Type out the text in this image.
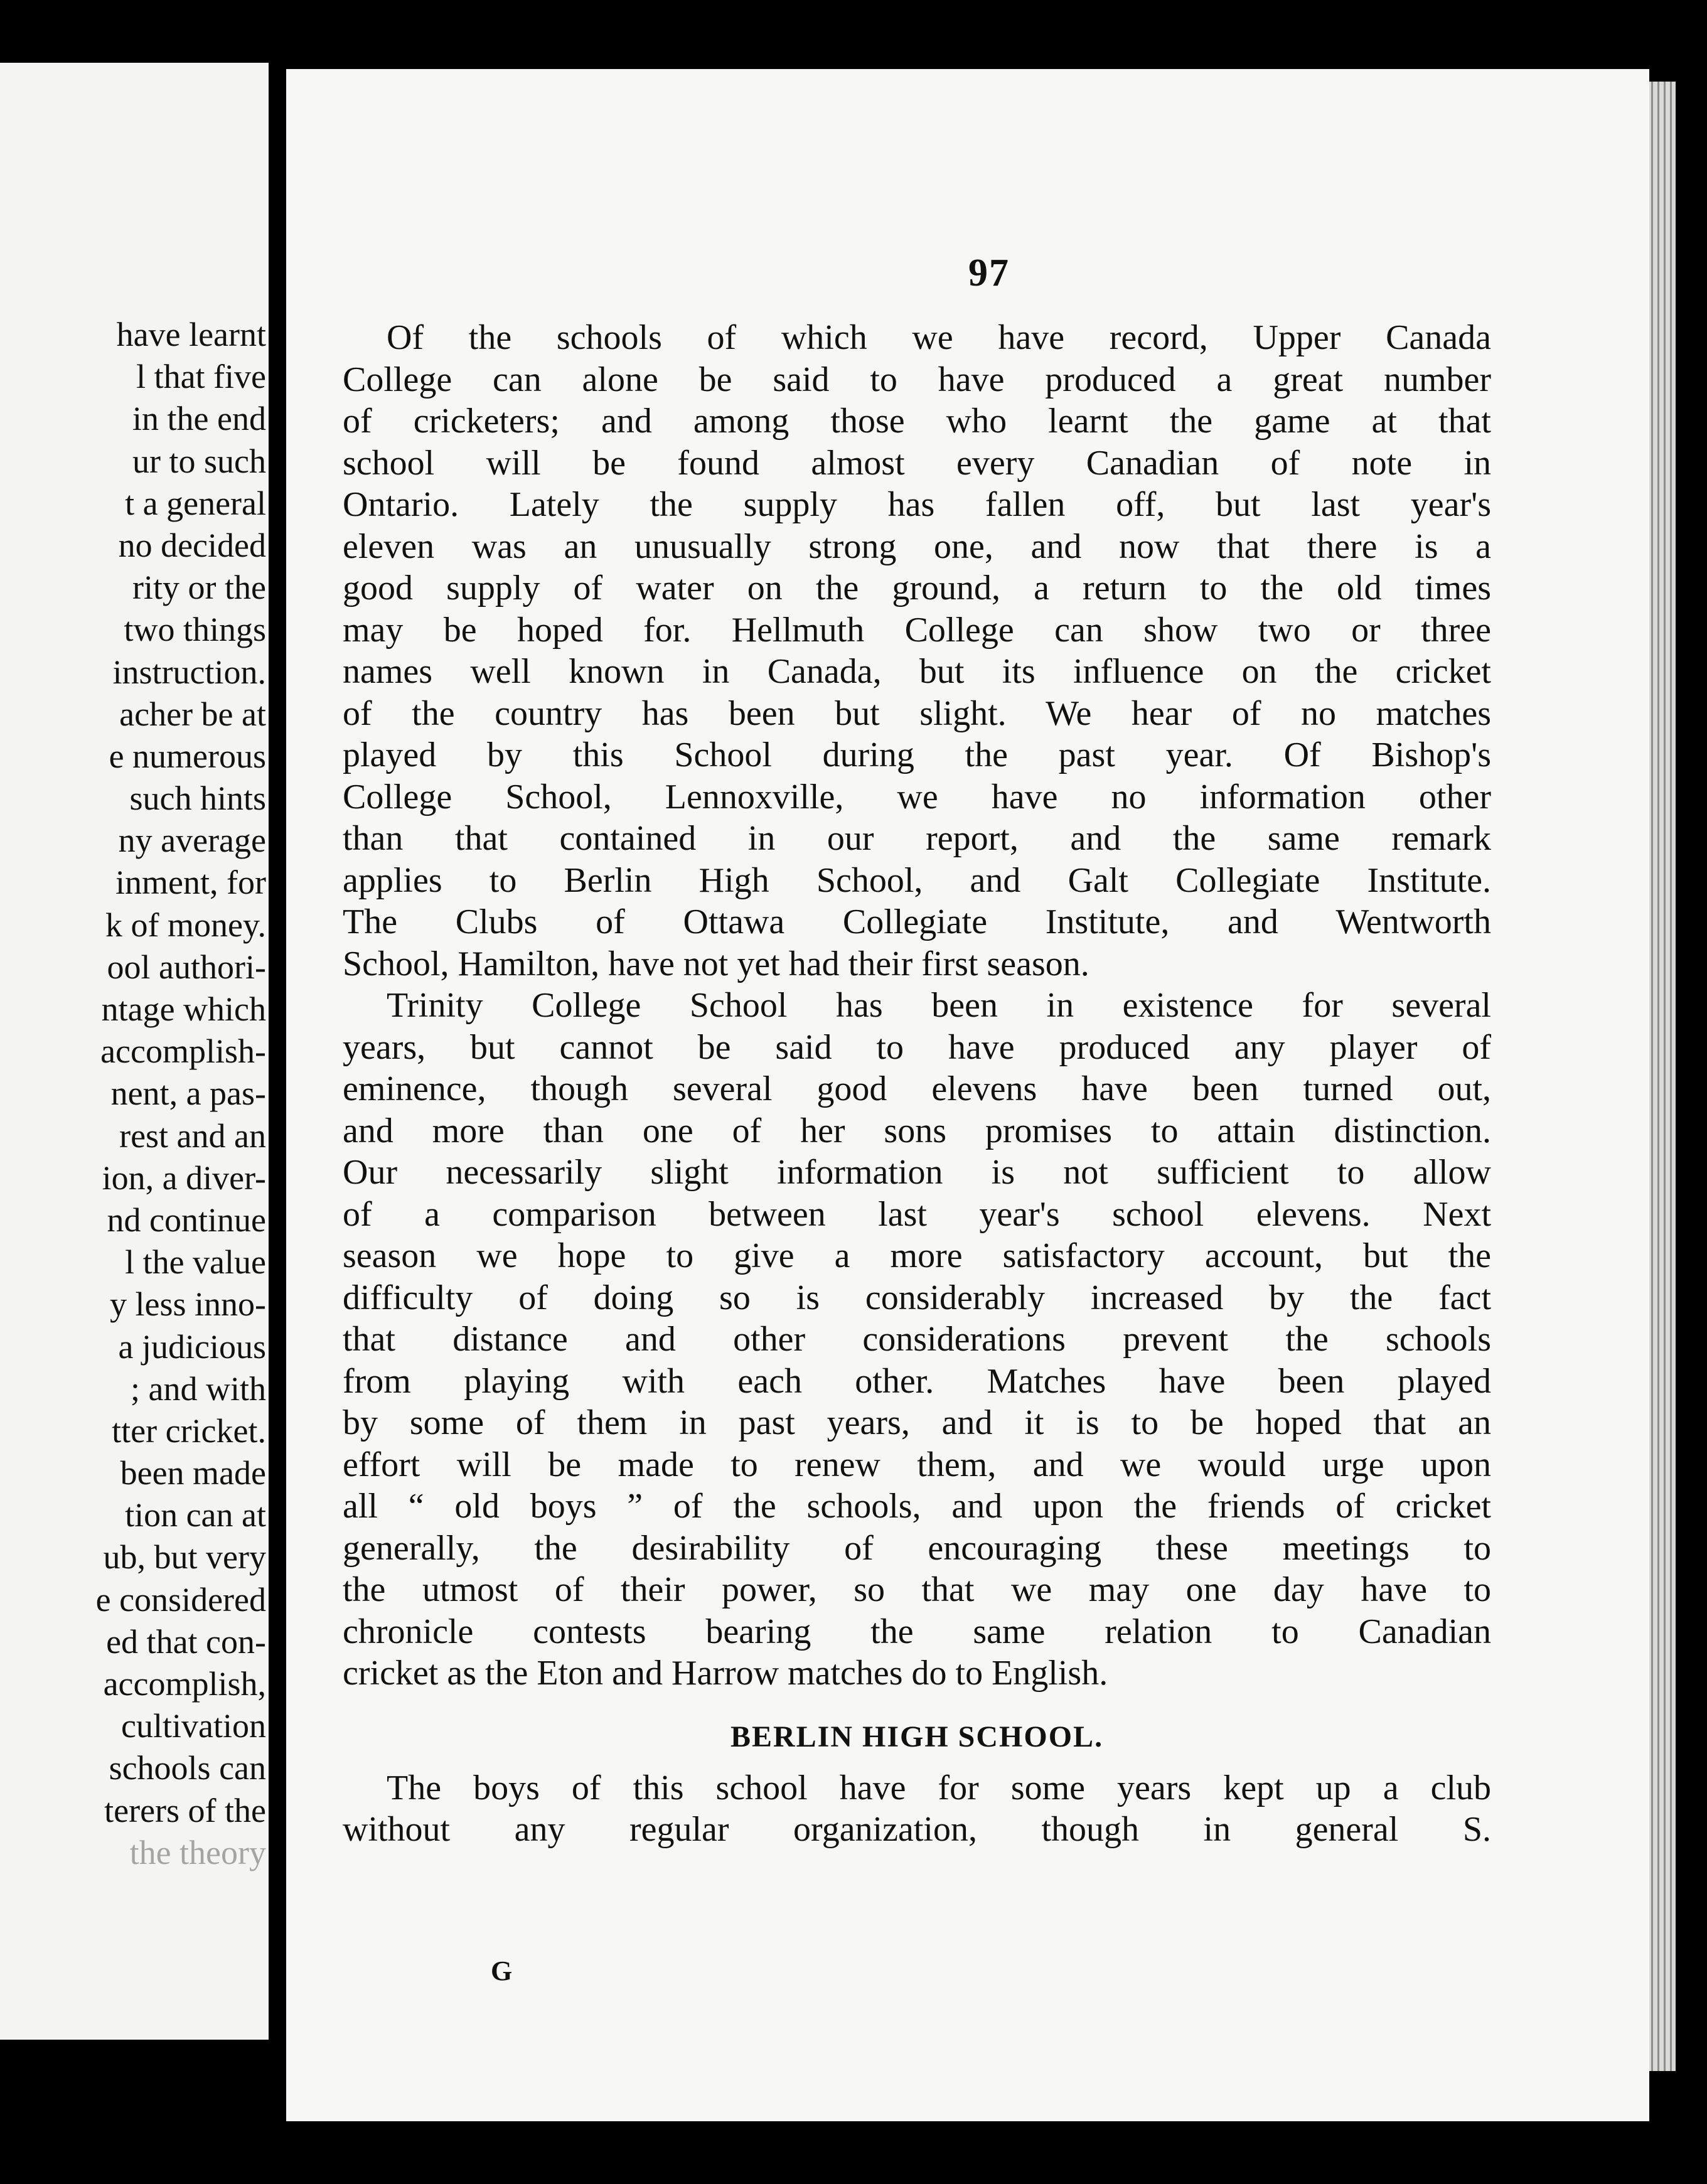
have learnt
l that five
in the end
ur to such
t a general
no decided
rity or the
two things
instruction.
acher be at
e numerous
such hints
ny average
inment, for
k of money.
ool authori-
ntage which
accomplish-
nent, a pas-
rest and an
ion, a diver-
nd continue
l the value
y less inno-
a judicious
; and with
tter cricket.
been made
tion can at
ub, but very
e considered
ed that con-
accomplish,
cultivation
schools can
terers of the
the theory
97
Of the schools of which we have record, Upper Canada
College can alone be said to have produced a great number
of cricketers; and among those who learnt the game at that
school will be found almost every Canadian of note in
Ontario. Lately the supply has fallen off, but last year's
eleven was an unusually strong one, and now that there is a
good supply of water on the ground, a return to the old times
may be hoped for. Hellmuth College can show two or three
names well known in Canada, but its influence on the cricket
of the country has been but slight. We hear of no matches
played by this School during the past year. Of Bishop's
College School, Lennoxville, we have no information other
than that contained in our report, and the same remark
applies to Berlin High School, and Galt Collegiate Institute.
The Clubs of Ottawa Collegiate Institute, and Wentworth
School, Hamilton, have not yet had their first season.
Trinity College School has been in existence for several
years, but cannot be said to have produced any player of
eminence, though several good elevens have been turned out,
and more than one of her sons promises to attain distinction.
Our necessarily slight information is not sufficient to allow
of a comparison between last year's school elevens. Next
season we hope to give a more satisfactory account, but the
difficulty of doing so is considerably increased by the fact
that distance and other considerations prevent the schools
from playing with each other. Matches have been played
by some of them in past years, and it is to be hoped that an
effort will be made to renew them, and we would urge upon
all “ old boys ” of the schools, and upon the friends of cricket
generally, the desirability of encouraging these meetings to
the utmost of their power, so that we may one day have to
chronicle contests bearing the same relation to Canadian
cricket as the Eton and Harrow matches do to English.
BERLIN HIGH SCHOOL.
The boys of this school have for some years kept up a club
without any regular organization, though in general S.
G
